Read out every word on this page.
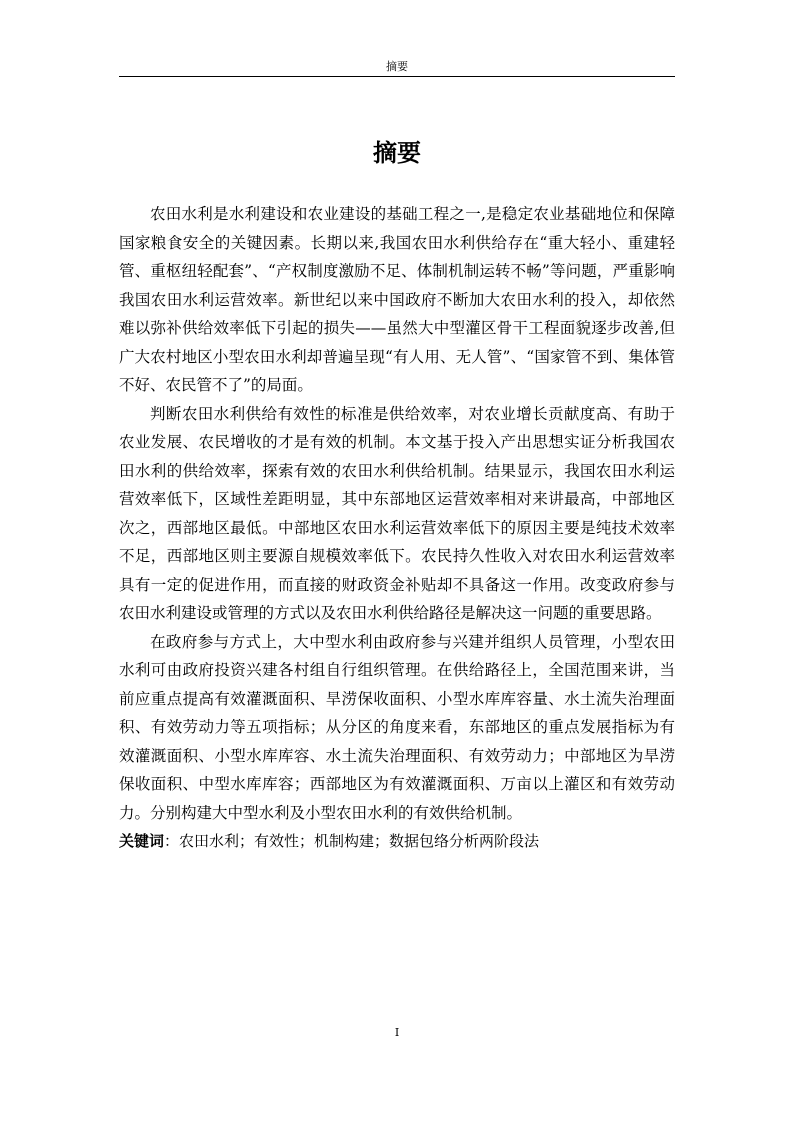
摘要
摘要

农田水利是水利建设和农业建设的基础工程之一,是稳定农业基础地位和保障国家粮食安全的关键因素。长期以来,我国农田水利供给存在“重大轻小、重建轻管、重枢纽轻配套”、“产权制度激励不足、体制机制运转不畅”等问题，严重影响我国农田水利运营效率。新世纪以来中国政府不断加大农田水利的投入，却依然难以弥补供给效率低下引起的损失——虽然大中型灌区骨干工程面貌逐步改善,但广大农村地区小型农田水利却普遍呈现“有人用、无人管”、“国家管不到、集体管不好、农民管不了”的局面。

判断农田水利供给有效性的标准是供给效率，对农业增长贡献度高、有助于农业发展、农民增收的才是有效的机制。本文基于投入产出思想实证分析我国农田水利的供给效率，探索有效的农田水利供给机制。结果显示，我国农田水利运营效率低下，区域性差距明显，其中东部地区运营效率相对来讲最高，中部地区次之，西部地区最低。中部地区农田水利运营效率低下的原因主要是纯技术效率不足，西部地区则主要源自规模效率低下。农民持久性收入对农田水利运营效率具有一定的促进作用，而直接的财政资金补贴却不具备这一作用。改变政府参与农田水利建设或管理的方式以及农田水利供给路径是解决这一问题的重要思路。

在政府参与方式上，大中型水利由政府参与兴建并组织人员管理，小型农田水利可由政府投资兴建各村组自行组织管理。在供给路径上，全国范围来讲，当前应重点提高有效灌溉面积、旱涝保收面积、小型水库库容量、水土流失治理面积、有效劳动力等五项指标；从分区的角度来看，东部地区的重点发展指标为有效灌溉面积、小型水库库容、水土流失治理面积、有效劳动力；中部地区为旱涝保收面积、中型水库库容；西部地区为有效灌溉面积、万亩以上灌区和有效劳动力。分别构建大中型水利及小型农田水利的有效供给机制。

关键词：农田水利；有效性；机制构建；数据包络分析两阶段法

I
